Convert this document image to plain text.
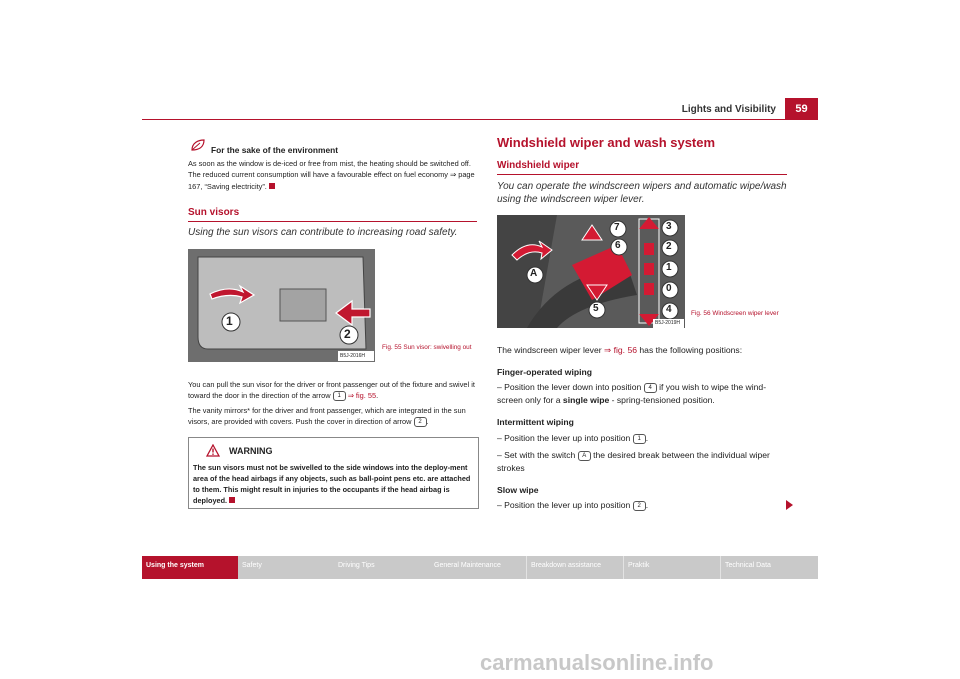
Lights and Visibility	59
For the sake of the environment
As soon as the window is de-iced or free from mist, the heating should be switched off. The reduced current consumption will have a favourable effect on fuel economy ⇒ page 167, “Saving electricity”.
Sun visors
Using the sun visors can contribute to increasing road safety.
1
2
B5J-2016H
Fig. 55 Sun visor: swivelling out
You can pull the sun visor for the driver or front passenger out of the fixture and swivel it toward the door in the direction of the arrow 1 ⇒ fig. 55.
The vanity mirrors* for the driver and front passenger, which are integrated in the sun visors, are provided with covers. Push the cover in direction of arrow 2 .
WARNING
The sun visors must not be swivelled to the side windows into the deploy-ment area of the head airbags if any objects, such as ball-point pens etc. are attached to them. This might result in injuries to the occupants if the head airbag is deployed.
Windshield wiper and wash system
Windshield wiper
You can operate the windscreen wipers and automatic wipe/wash using the windscreen wiper lever.
7
6
A
5
3
2
1
0
4
B5J-2019H
Fig. 56 Windscreen wiper lever
The windscreen wiper lever ⇒ fig. 56 has the following positions:
Finger-operated wiping
– Position the lever down into position 4 if you wish to wipe the wind-screen only for a single wipe - spring-tensioned position.
Intermittent wiping
– Position the lever up into position 1 .
– Set with the switch A the desired break between the individual wiper strokes
Slow wipe
– Position the lever up into position 2 .
Using the system	Safety	Driving Tips	General Maintenance	Breakdown assistance	Praktik	Technical Data
carmanualsonline.info
